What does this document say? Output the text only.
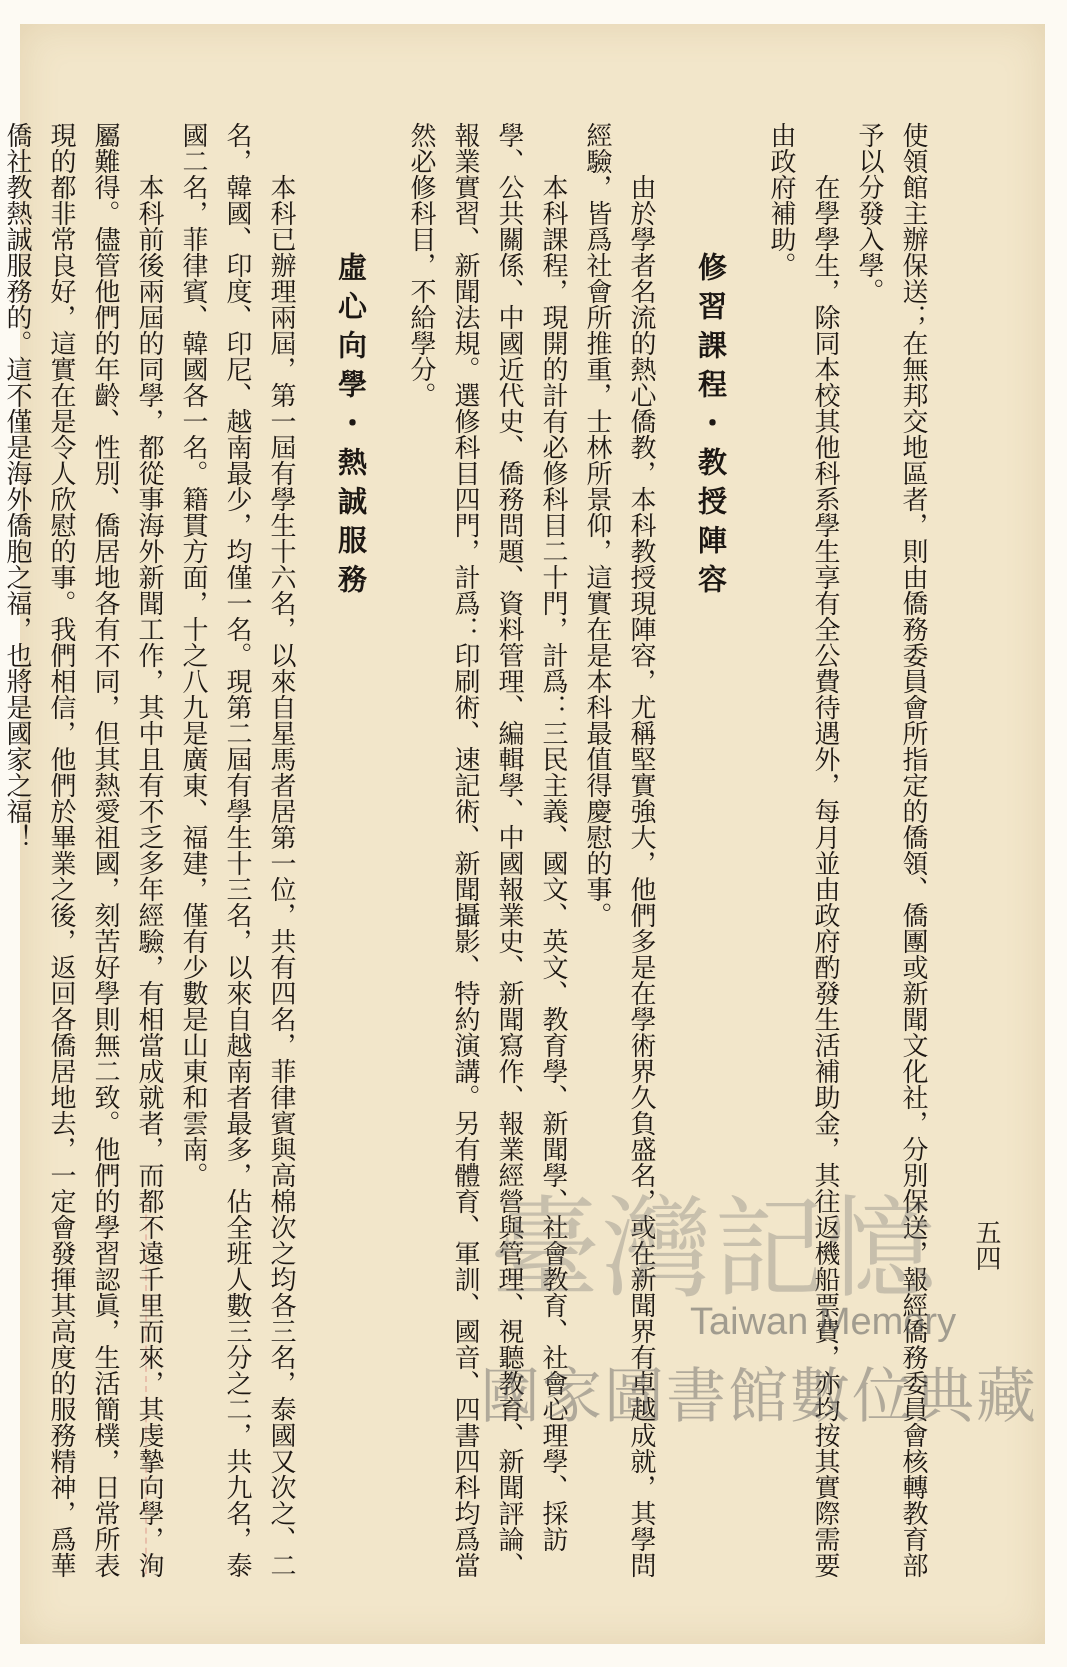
五四

使領館主辦保送；在無邦交地區者，則由僑務委員會所指定的僑領、僑團或新聞文化社，分別保送，報經僑務委員會核轉教育部予以分發入學。

在學學生，除同本校其他科系學生享有全公費待遇外，每月並由政府酌發生活補助金，其往返機船票費，亦均按其實際需要由政府補助。

修習課程・教授陣容

由於學者名流的熱心僑教，本科教授現陣容，尤稱堅實強大，他們多是在學術界久負盛名，或在新聞界有卓越成就，其學問經驗，皆爲社會所推重，士林所景仰，這實在是本科最值得慶慰的事。

本科課程，現開的計有必修科目二十門，計爲：三民主義、國文、英文、教育學、新聞學、社會教育、社會心理學、採訪學、公共關係、中國近代史、僑務問題、資料管理、編輯學、中國報業史、新聞寫作、報業經營與管理、視聽教育、新聞評論、報業實習、新聞法規。選修科目四門，計爲：印刷術、速記術、新聞攝影、特約演講。另有體育、軍訓、國音、四書四科均爲當然必修科目，不給學分。

虛心向學・熱誠服務

本科已辦理兩屆，第一屆有學生十六名，以來自星馬者居第一位，共有四名，菲律賓與高棉次之均各三名，泰國又次之、二名，韓國、印度、印尼、越南最少，均僅一名。現第二屆有學生十三名，以來自越南者最多，佔全班人數三分之二，共九名，泰國二名，菲律賓、韓國各一名。籍貫方面，十之八九是廣東、福建，僅有少數是山東和雲南。

本科前後兩屆的同學，都從事海外新聞工作，其中且有不乏多年經驗，有相當成就者，而都不遠千里而來，其虔摯向學，洵屬難得。儘管他們的年齡、性別、僑居地各有不同，但其熱愛祖國，刻苦好學則無二致。他們的學習認眞，生活簡樸，日常所表現的都非常良好，這實在是令人欣慰的事。我們相信，他們於畢業之後，返回各僑居地去，一定會發揮其高度的服務精神，爲華僑社教熱誠服務的。這不僅是海外僑胞之福，也將是國家之福！

臺灣記憶
Taiwan Memory
國家圖書館數位典藏
